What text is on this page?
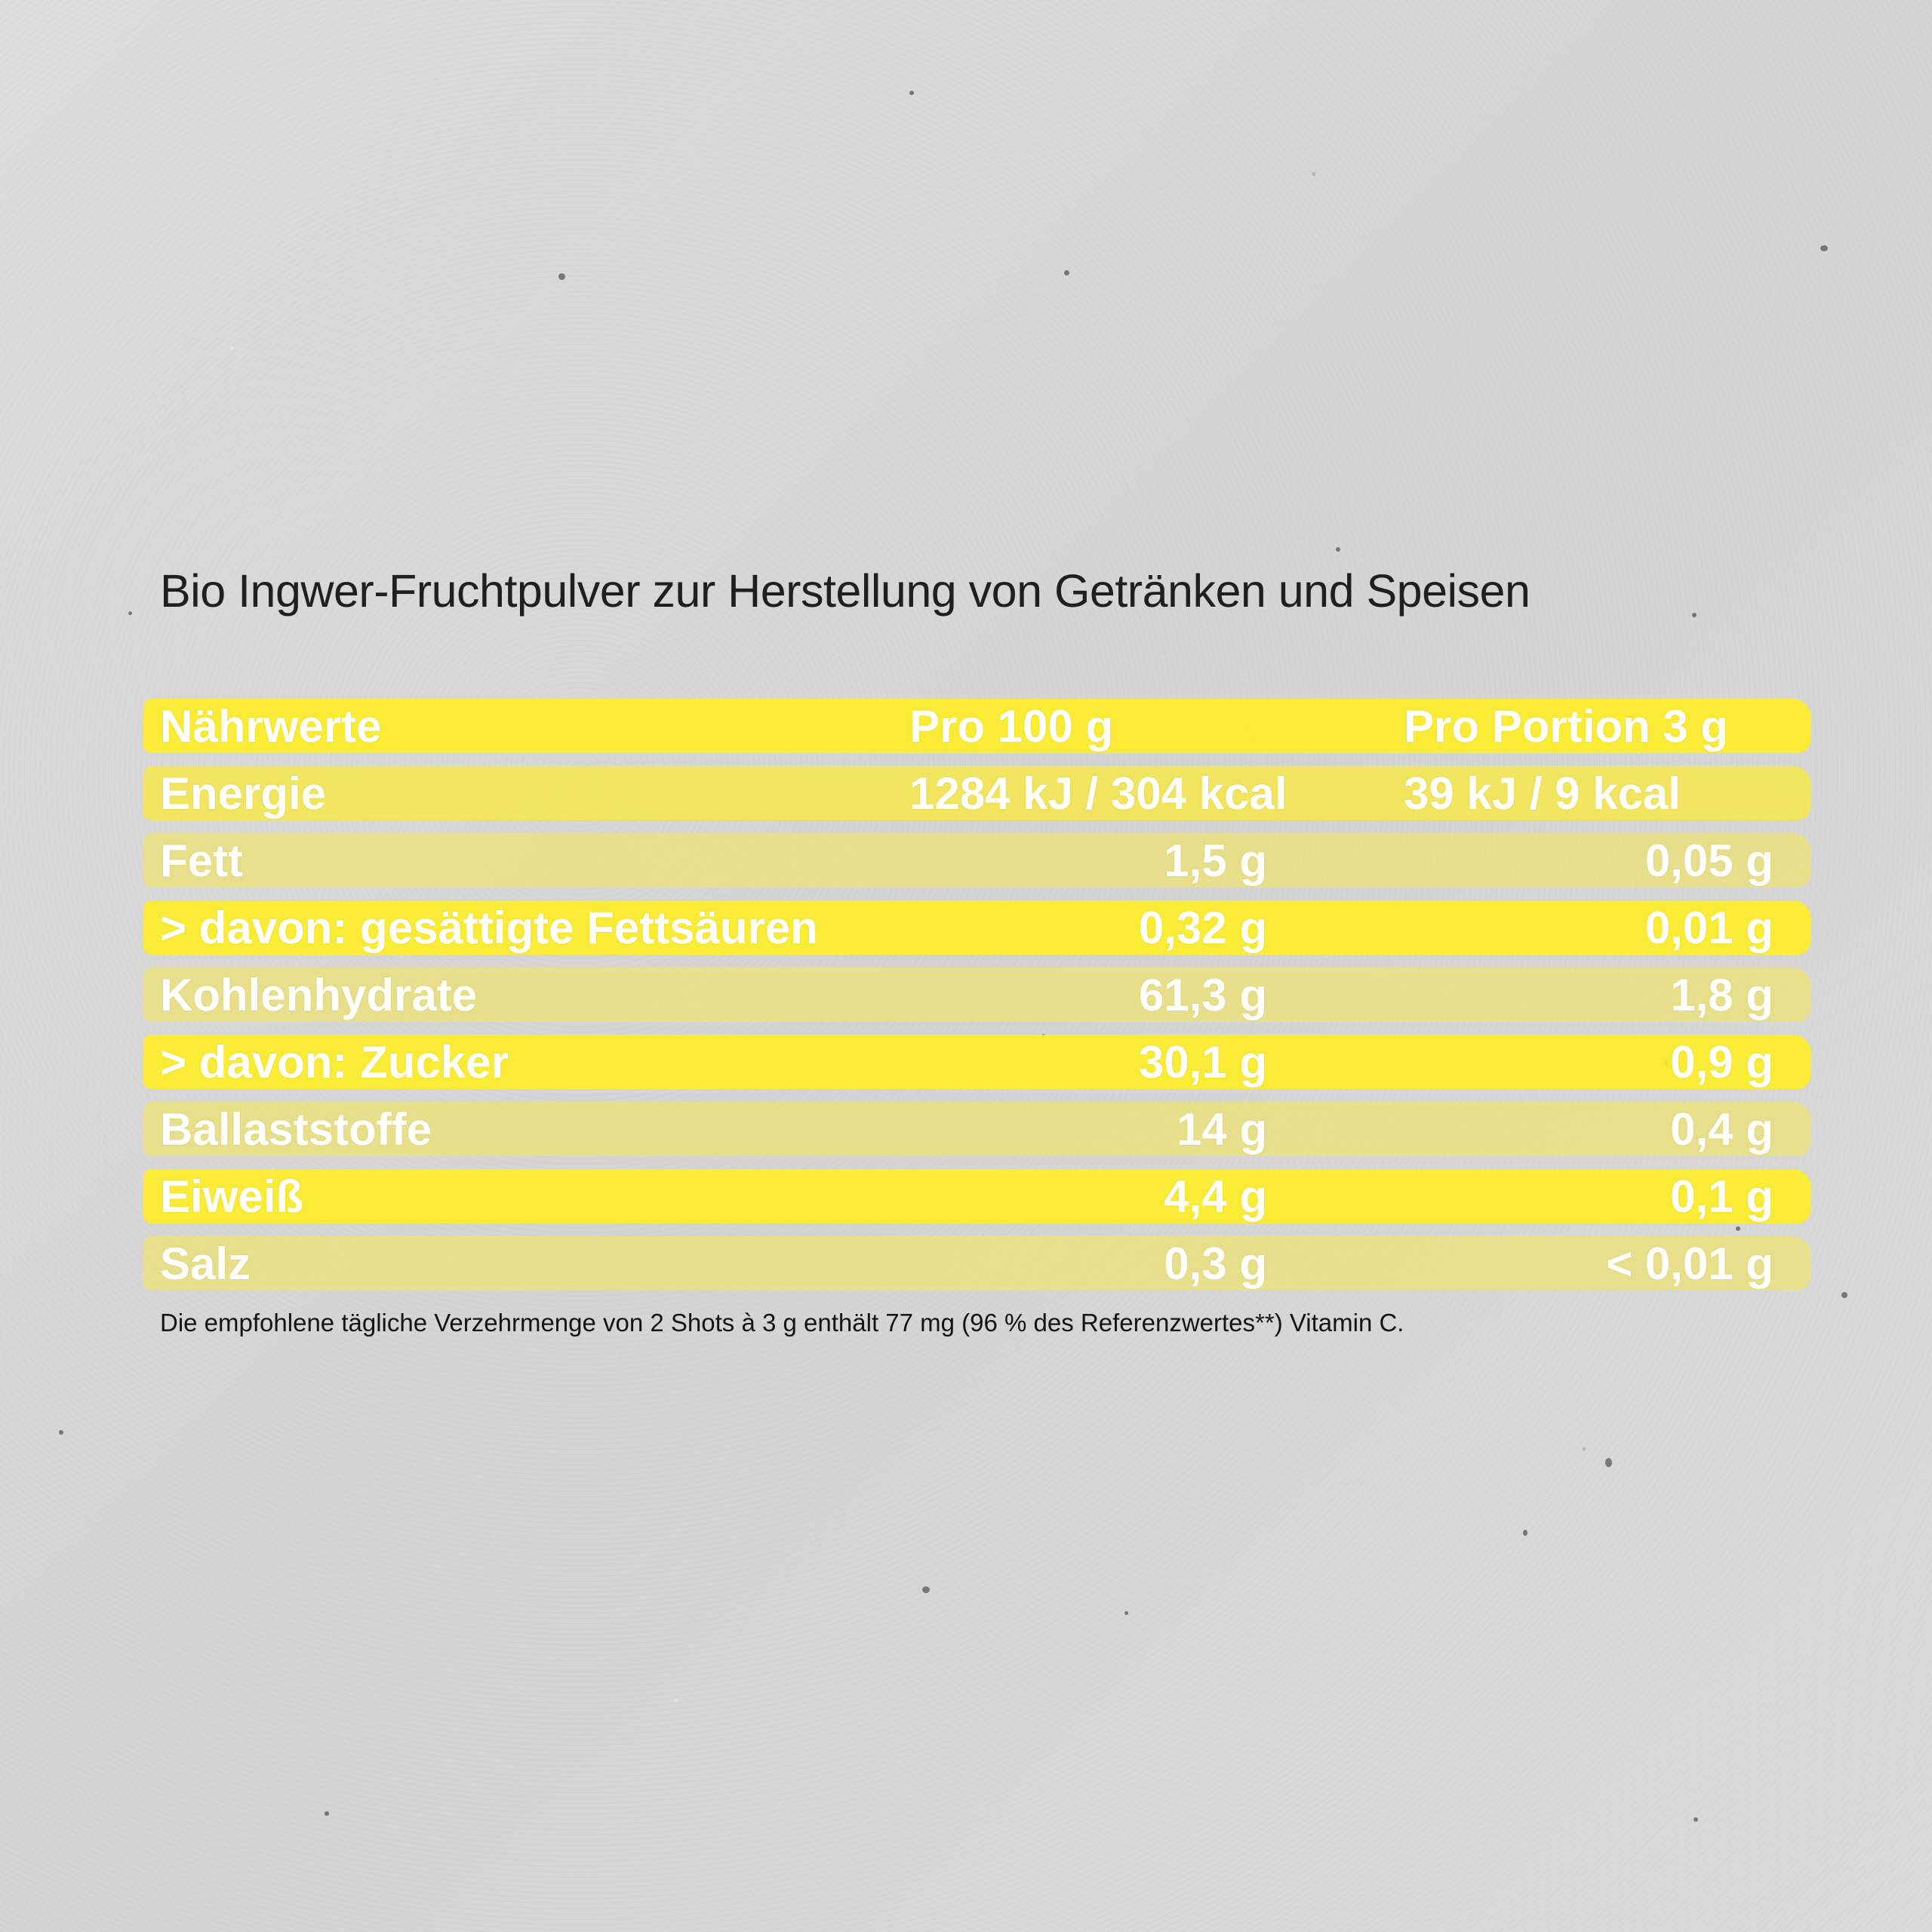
Bio Ingwer-Fruchtpulver zur Herstellung von Getränken und Speisen
Nährwerte	Pro 100 g	Pro Portion 3 g
Energie	1284 kJ / 304 kcal	39 kJ / 9 kcal
Fett	1,5 g	0,05 g
> davon: gesättigte Fettsäuren	0,32 g	0,01 g
Kohlenhydrate	61,3 g	1,8 g
> davon: Zucker	30,1 g	0,9 g
Ballaststoffe	14 g	0,4 g
Eiweiß	4,4 g	0,1 g
Salz	0,3 g	< 0,01 g

Die empfohlene tägliche Verzehrmenge von 2 Shots à 3 g enthält 77 mg (96 % des Referenzwertes**) Vitamin C.
